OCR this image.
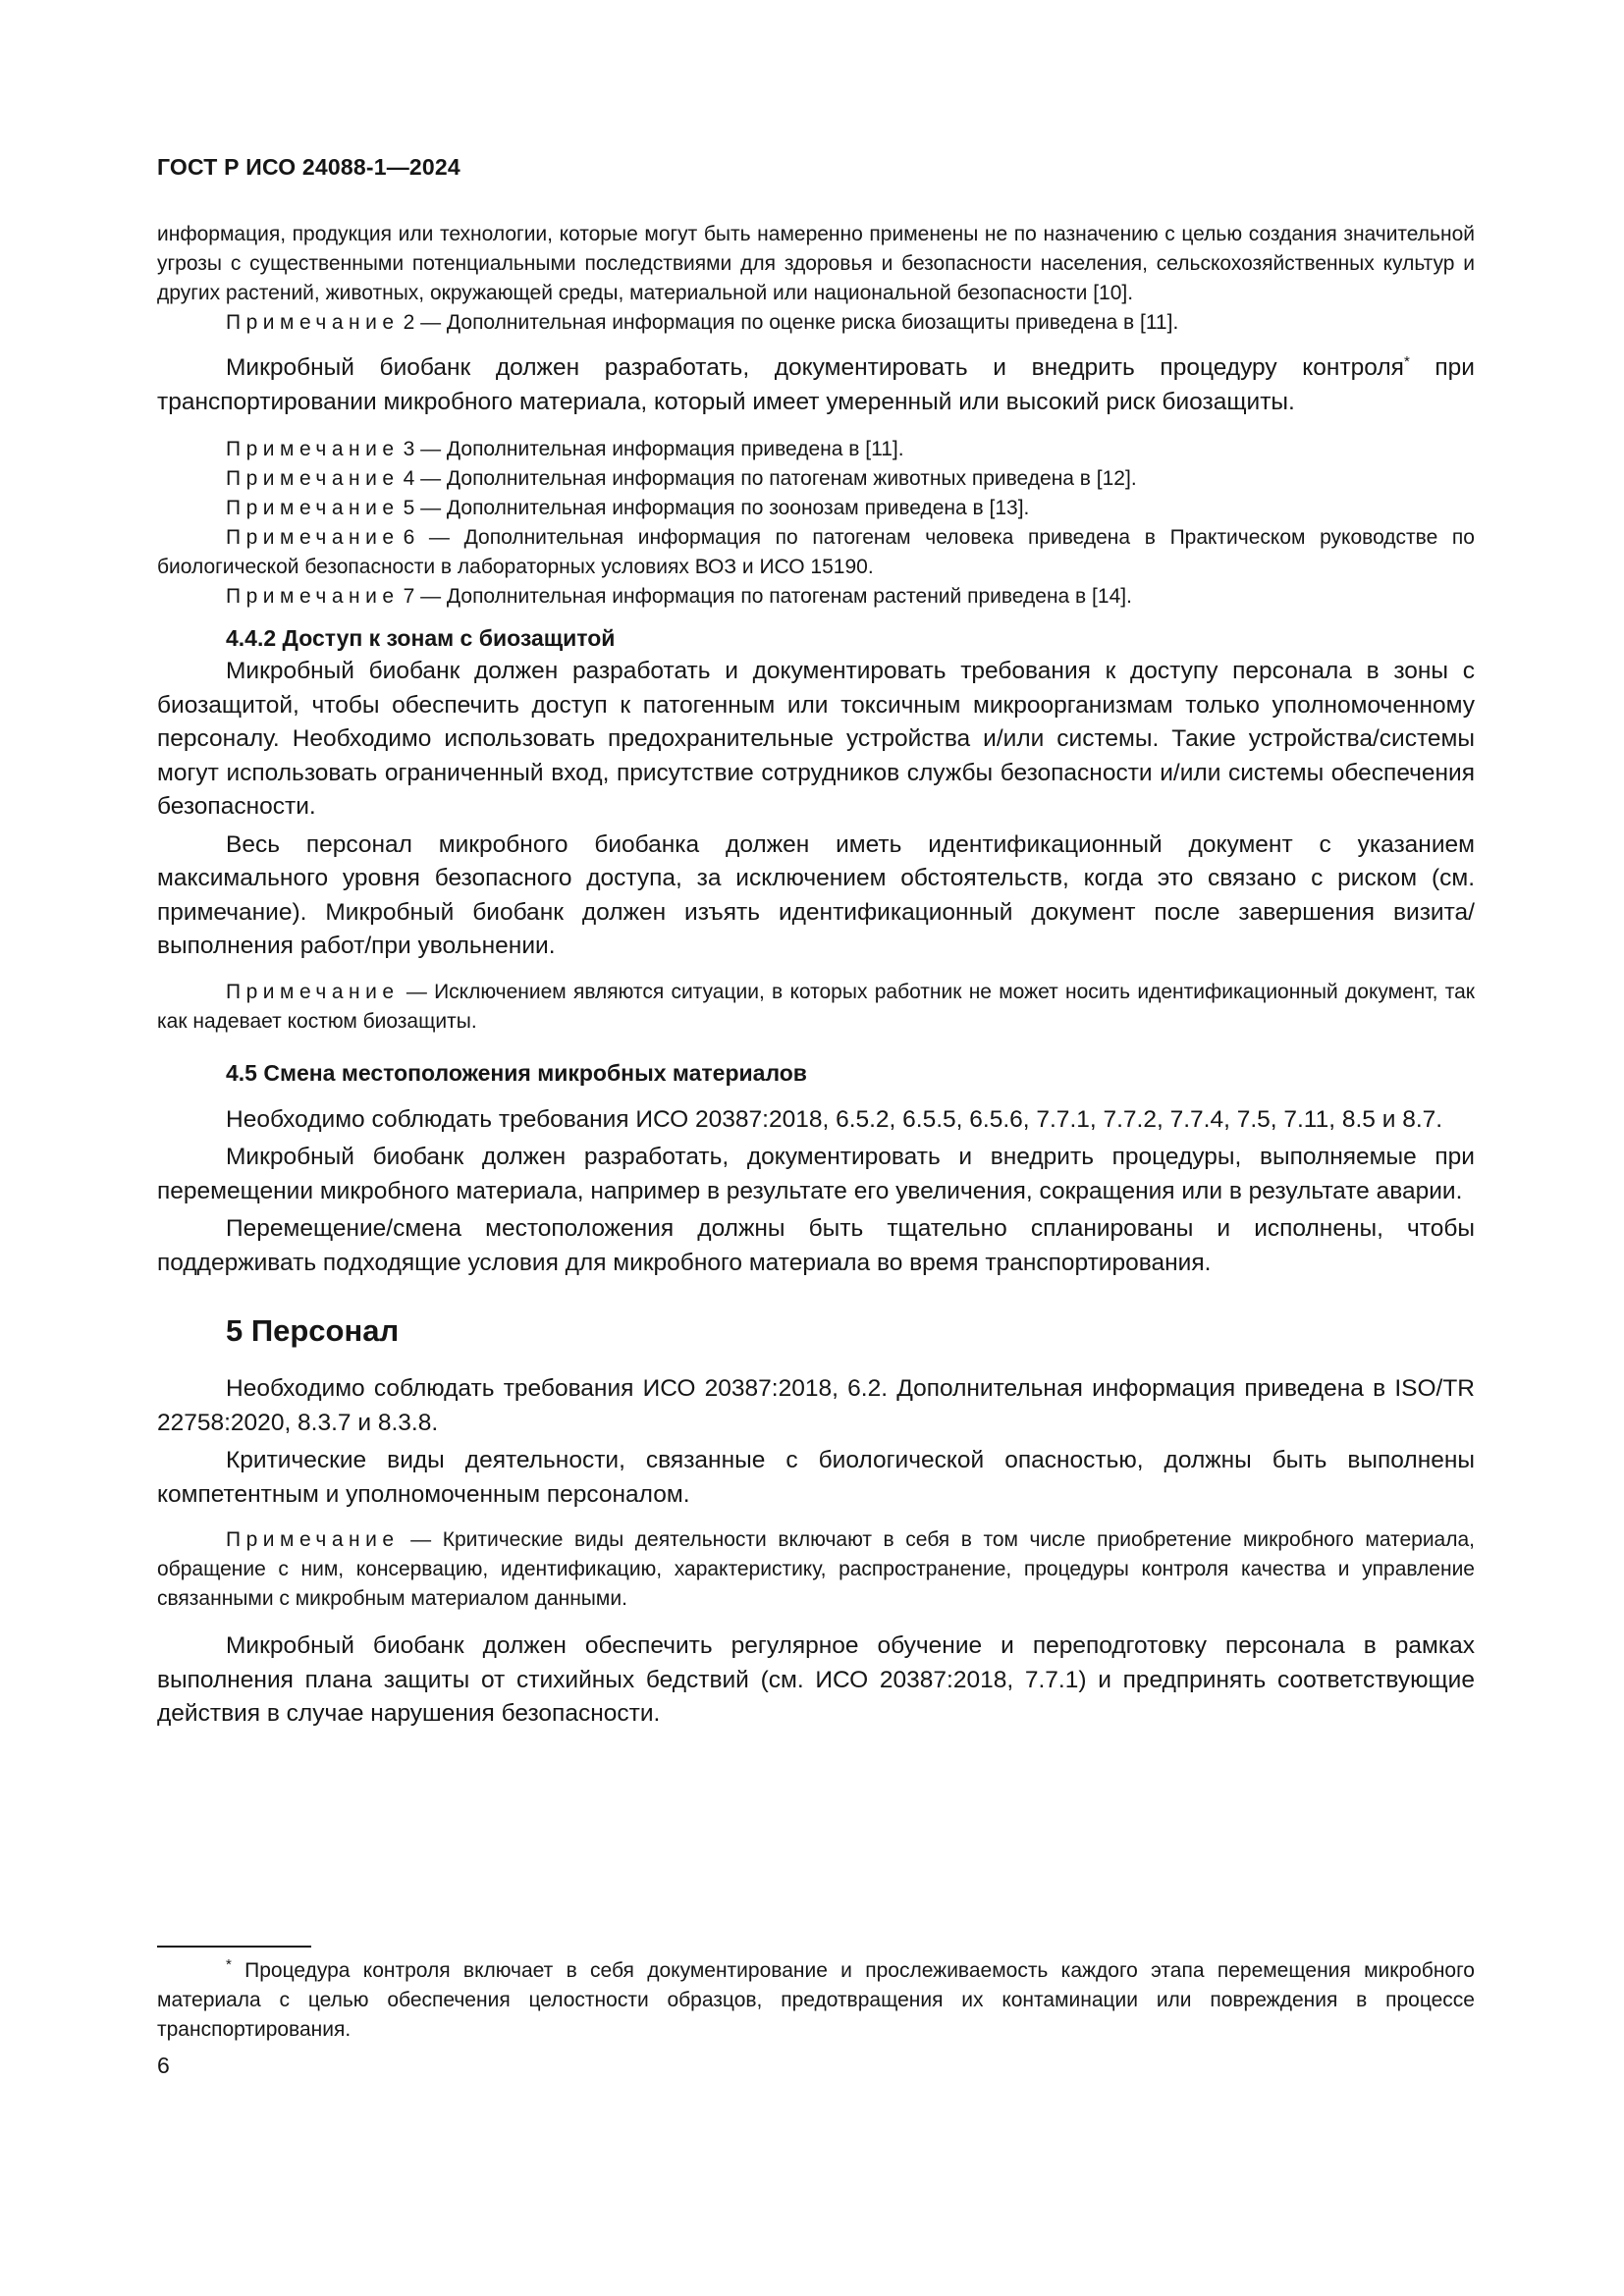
ГОСТ Р ИСО 24088-1—2024

информация, продукция или технологии, которые могут быть намеренно применены не по назначению с целью создания значительной угрозы с существенными потенциальными последствиями для здоровья и безопасности населения, сельскохозяйственных культур и других растений, животных, окружающей среды, материальной или национальной безопасности [10].

Примечание 2 — Дополнительная информация по оценке риска биозащиты приведена в [11].

Микробный биобанк должен разработать, документировать и внедрить процедуру контроля* при транспортировании микробного материала, который имеет умеренный или высокий риск биозащиты.

Примечание 3 — Дополнительная информация приведена в [11].

Примечание 4 — Дополнительная информация по патогенам животных приведена в [12].

Примечание 5 — Дополнительная информация по зоонозам приведена в [13].

Примечание 6 — Дополнительная информация по патогенам человека приведена в Практическом руководстве по биологической безопасности в лабораторных условиях ВОЗ и ИСО 15190.

Примечание 7 — Дополнительная информация по патогенам растений приведена в [14].

4.4.2 Доступ к зонам с биозащитой

Микробный биобанк должен разработать и документировать требования к доступу персонала в зоны с биозащитой, чтобы обеспечить доступ к патогенным или токсичным микроорганизмам только уполномоченному персоналу. Необходимо использовать предохранительные устройства и/или системы. Такие устройства/системы могут использовать ограниченный вход, присутствие сотрудников службы безопасности и/или системы обеспечения безопасности.

Весь персонал микробного биобанка должен иметь идентификационный документ с указанием максимального уровня безопасного доступа, за исключением обстоятельств, когда это связано с риском (см. примечание). Микробный биобанк должен изъять идентификационный документ после завершения визита/выполнения работ/при увольнении.

Примечание — Исключением являются ситуации, в которых работник не может носить идентификационный документ, так как надевает костюм биозащиты.

4.5 Смена местоположения микробных материалов

Необходимо соблюдать требования ИСО 20387:2018, 6.5.2, 6.5.5, 6.5.6, 7.7.1, 7.7.2, 7.7.4, 7.5, 7.11, 8.5 и 8.7.

Микробный биобанк должен разработать, документировать и внедрить процедуры, выполняемые при перемещении микробного материала, например в результате его увеличения, сокращения или в результате аварии.

Перемещение/смена местоположения должны быть тщательно спланированы и исполнены, чтобы поддерживать подходящие условия для микробного материала во время транспортирования.

5 Персонал

Необходимо соблюдать требования ИСО 20387:2018, 6.2. Дополнительная информация приведена в ISO/TR 22758:2020, 8.3.7 и 8.3.8.

Критические виды деятельности, связанные с биологической опасностью, должны быть выполнены компетентным и уполномоченным персоналом.

Примечание — Критические виды деятельности включают в себя в том числе приобретение микробного материала, обращение с ним, консервацию, идентификацию, характеристику, распространение, процедуры контроля качества и управление связанными с микробным материалом данными.

Микробный биобанк должен обеспечить регулярное обучение и переподготовку персонала в рамках выполнения плана защиты от стихийных бедствий (см. ИСО 20387:2018, 7.7.1) и предпринять соответствующие действия в случае нарушения безопасности.

* Процедура контроля включает в себя документирование и прослеживаемость каждого этапа перемещения микробного материала с целью обеспечения целостности образцов, предотвращения их контаминации или повреждения в процессе транспортирования.

6
